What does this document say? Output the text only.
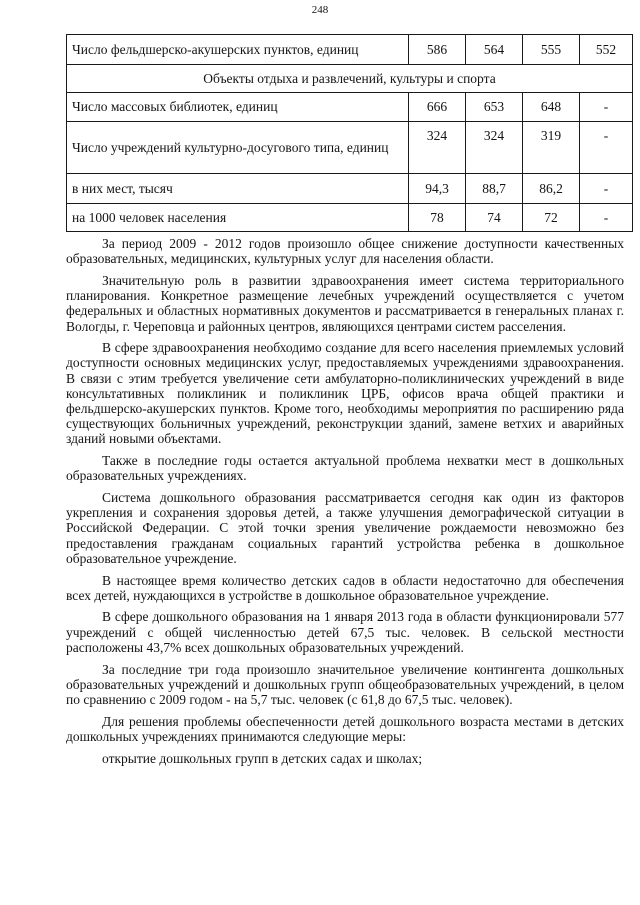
248
Число фельдшерско-акушерских пунктов, единиц	586	564	555	552
Объекты отдыха и развлечений, культуры и спорта				
Число массовых библиотек, единиц	666	653	648	-
Число учреждений культурно-досугового типа, единиц	324	324	319	-
в них мест, тысяч	94,3	88,7	86,2	-
на 1000 человек населения	78	74	72	-

За период 2009 - 2012 годов произошло общее снижение доступности качественных образовательных, медицинских, культурных услуг для населения области.

Значительную роль в развитии здравоохранения имеет система территориального планирования. Конкретное размещение лечебных учреждений осуществляется с учетом федеральных и областных нормативных документов и рассматривается в генеральных планах г. Вологды, г. Череповца и районных центров, являющихся центрами систем расселения.

В сфере здравоохранения необходимо создание для всего населения приемлемых условий доступности основных медицинских услуг, предоставляемых учреждениями здравоохранения. В связи с этим требуется увеличение сети амбулаторно-поликлинических учреждений в виде консультативных поликлиник и поликлиник ЦРБ, офисов врача общей практики и фельдшерско-акушерских пунктов. Кроме того, необходимы мероприятия по расширению ряда существующих больничных учреждений, реконструкции зданий, замене ветхих и аварийных зданий новыми объектами.

Также в последние годы остается актуальной проблема нехватки мест в дошкольных образовательных учреждениях.

Система дошкольного образования рассматривается сегодня как один из факторов укрепления и сохранения здоровья детей, а также улучшения демографической ситуации в Российской Федерации. С этой точки зрения увеличение рождаемости невозможно без предоставления гражданам социальных гарантий устройства ребенка в дошкольное образовательное учреждение.

В настоящее время количество детских садов в области недостаточно для обеспечения всех детей, нуждающихся в устройстве в дошкольное образовательное учреждение.

В сфере дошкольного образования на 1 января 2013 года в области функционировали 577 учреждений с общей численностью детей 67,5 тыс. человек. В сельской местности расположены 43,7% всех дошкольных образовательных учреждений.

За последние три года произошло значительное увеличение контингента дошкольных образовательных учреждений и дошкольных групп общеобразовательных учреждений, в целом по сравнению с 2009 годом - на 5,7 тыс. человек (с 61,8 до 67,5 тыс. человек).

Для решения проблемы обеспеченности детей дошкольного возраста местами в детских дошкольных учреждениях принимаются следующие меры:

открытие дошкольных групп в детских садах и школах;
